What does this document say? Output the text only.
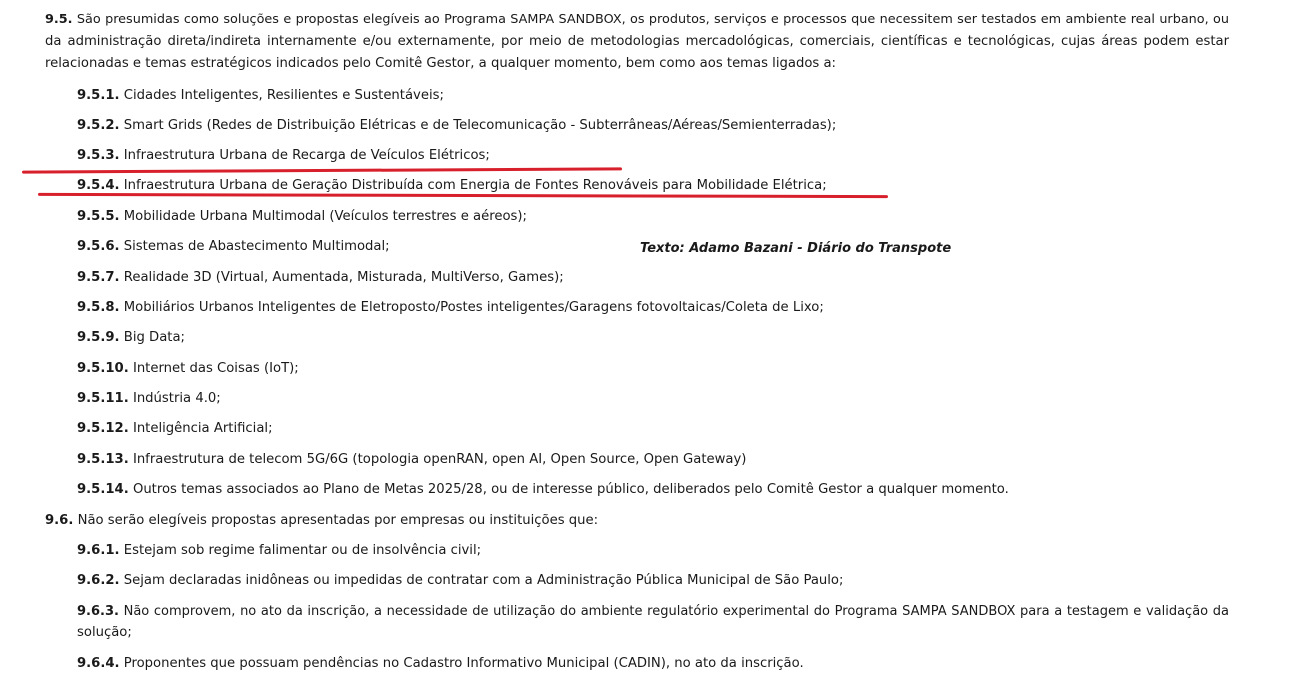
9.5. São presumidas como soluções e propostas elegíveis ao Programa SAMPA SANDBOX, os produtos, serviços e processos que necessitem ser testados em ambiente real urbano, ou
da administração direta/indireta internamente e/ou externamente, por meio de metodologias mercadológicas, comerciais, científicas e tecnológicas, cujas áreas podem estar
relacionadas e temas estratégicos indicados pelo Comitê Gestor, a qualquer momento, bem como aos temas ligados a:
9.5.1. Cidades Inteligentes, Resilientes e Sustentáveis;
9.5.2. Smart Grids (Redes de Distribuição Elétricas e de Telecomunicação - Subterrâneas/Aéreas/Semienterradas);
9.5.3. Infraestrutura Urbana de Recarga de Veículos Elétricos;
9.5.4. Infraestrutura Urbana de Geração Distribuída com Energia de Fontes Renováveis para Mobilidade Elétrica;
9.5.5. Mobilidade Urbana Multimodal (Veículos terrestres e aéreos);
9.5.6. Sistemas de Abastecimento Multimodal;
9.5.7. Realidade 3D (Virtual, Aumentada, Misturada, MultiVerso, Games);
9.5.8. Mobiliários Urbanos Inteligentes de Eletroposto/Postes inteligentes/Garagens fotovoltaicas/Coleta de Lixo;
9.5.9. Big Data;
9.5.10. Internet das Coisas (IoT);
9.5.11. Indústria 4.0;
9.5.12. Inteligência Artificial;
9.5.13. Infraestrutura de telecom 5G/6G (topologia openRAN, open AI, Open Source, Open Gateway)
9.5.14. Outros temas associados ao Plano de Metas 2025/28, ou de interesse público, deliberados pelo Comitê Gestor a qualquer momento.
Texto: Adamo Bazani - Diário do Transpote
9.6. Não serão elegíveis propostas apresentadas por empresas ou instituições que:
9.6.1. Estejam sob regime falimentar ou de insolvência civil;
9.6.2. Sejam declaradas inidôneas ou impedidas de contratar com a Administração Pública Municipal de São Paulo;
9.6.3. Não comprovem, no ato da inscrição, a necessidade de utilização do ambiente regulatório experimental do Programa SAMPA SANDBOX para a testagem e validação da
solução;
9.6.4. Proponentes que possuam pendências no Cadastro Informativo Municipal (CADIN), no ato da inscrição.
